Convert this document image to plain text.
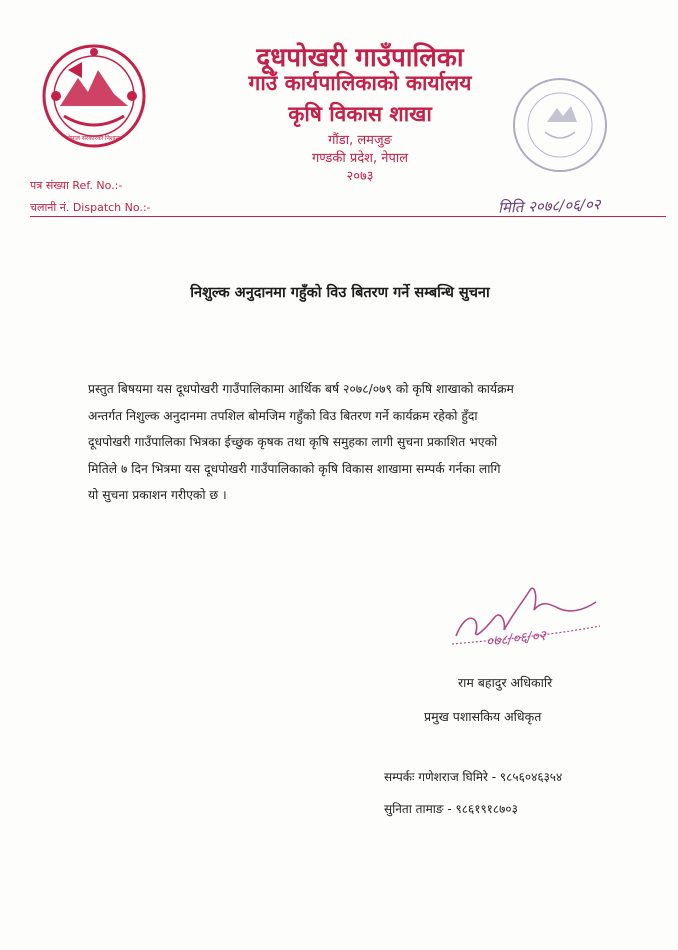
नेपाल सरकारको निशाना
दूधपोखरी गाउँपालिका
गाउँ कार्यपालिकाको कार्यालय
कृषि विकास शाखा
गौंडा, लमजुङ
गण्डकी प्रदेश, नेपाल
२०७३
पत्र संख्या Ref. No.:-
चलानी नं. Dispatch No.:-	मिति २०७८/०६/०२
निशुल्क अनुदानमा गहुँको विउ बितरण गर्ने सम्बन्धि सुचना
प्रस्तुत बिषयमा यस दूधपोखरी गाउँपालिकामा आर्थिक बर्ष २०७८/०७९ को कृषि शाखाको कार्यक्रम
अन्तर्गत निशुल्क अनुदानमा तपशिल बोमजिम गहुँको विउ बितरण गर्ने कार्यक्रम रहेको हुँदा
दूधपोखरी गाउँपालिका भित्रका ईच्छुक कृषक तथा कृषि समुहका लागी सुचना प्रकाशित भएको
मितिले ७ दिन भित्रमा यस दूधपोखरी गाउँपालिकाको कृषि विकास शाखामा सम्पर्क गर्नका लागि
यो सुचना प्रकाशन गरीएको छ ।
०७८/०६/०२
राम बहादुर अधिकारि
प्रमुख पशासकिय अधिकृत
सम्पर्कः गणेशराज घिमिरे - ९८५६०४६३५४
सुनिता तामाङ - ९८६१९१८७०३
